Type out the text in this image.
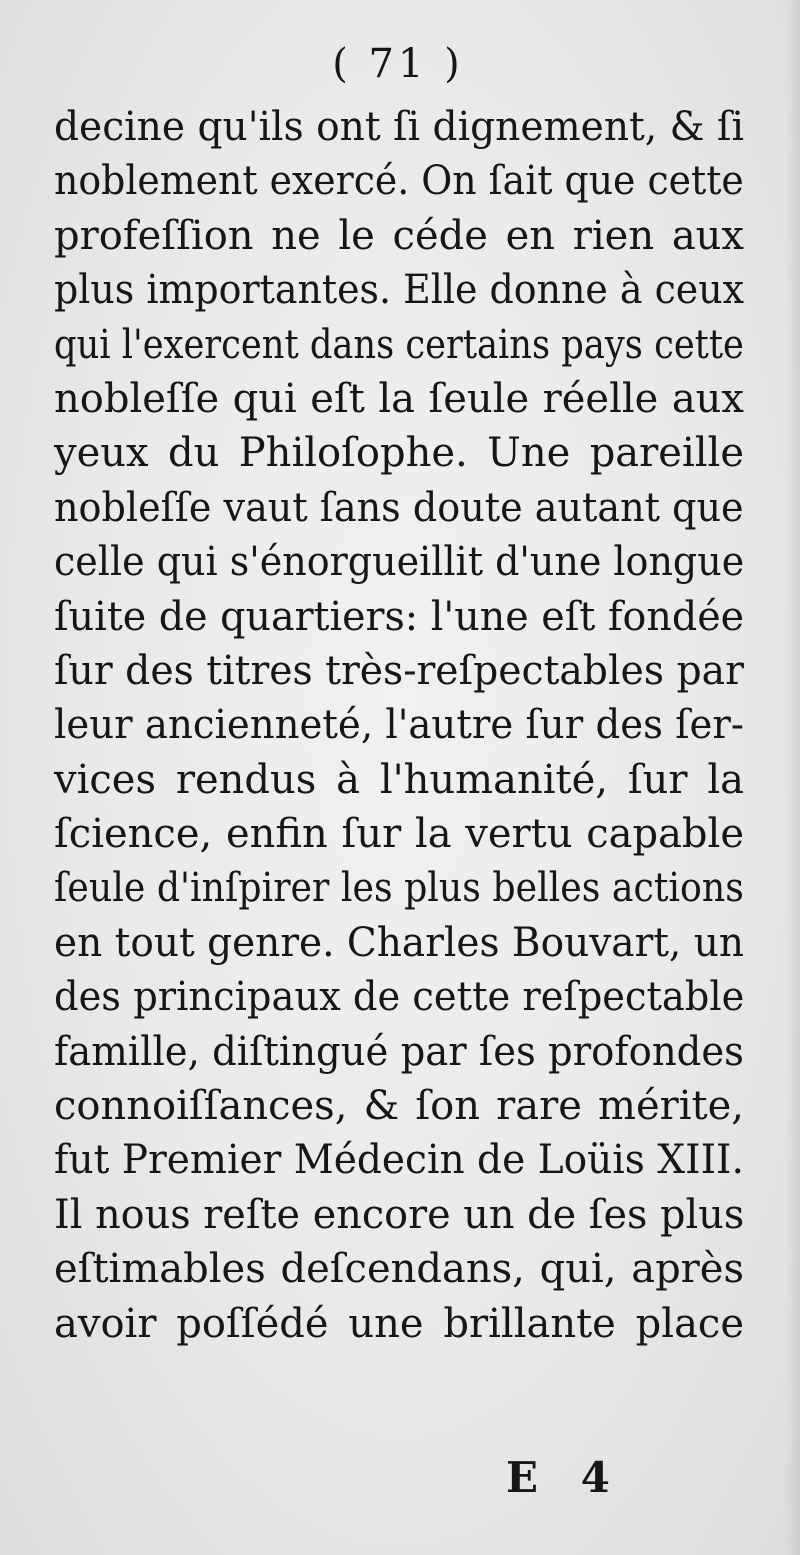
( 71 )
decine qu'ils ont ſi dignement, & ſi
noblement exercé. On ſait que cette
profeſſion ne le céde en rien aux
plus importantes. Elle donne à ceux
qui l'exercent dans certains pays cette
nobleſſe qui eſt la ſeule réelle aux
yeux du Philoſophe. Une pareille
nobleſſe vaut ſans doute autant que
celle qui s'énorgueillit d'une longue
ſuite de quartiers: l'une eſt fondée
ſur des titres très-reſpectables par
leur ancienneté, l'autre ſur des ſer-
vices rendus à l'humanité, ſur la
ſcience, enfin ſur la vertu capable
ſeule d'inſpirer les plus belles actions
en tout genre. Charles Bouvart, un
des principaux de cette reſpectable
famille, diſtingué par ſes profondes
connoiſſances, & ſon rare mérite,
fut Premier Médecin de Loüis XIII.
Il nous reſte encore un de ſes plus
eſtimables deſcendans, qui, après
avoir poſſédé une brillante place
E 4
